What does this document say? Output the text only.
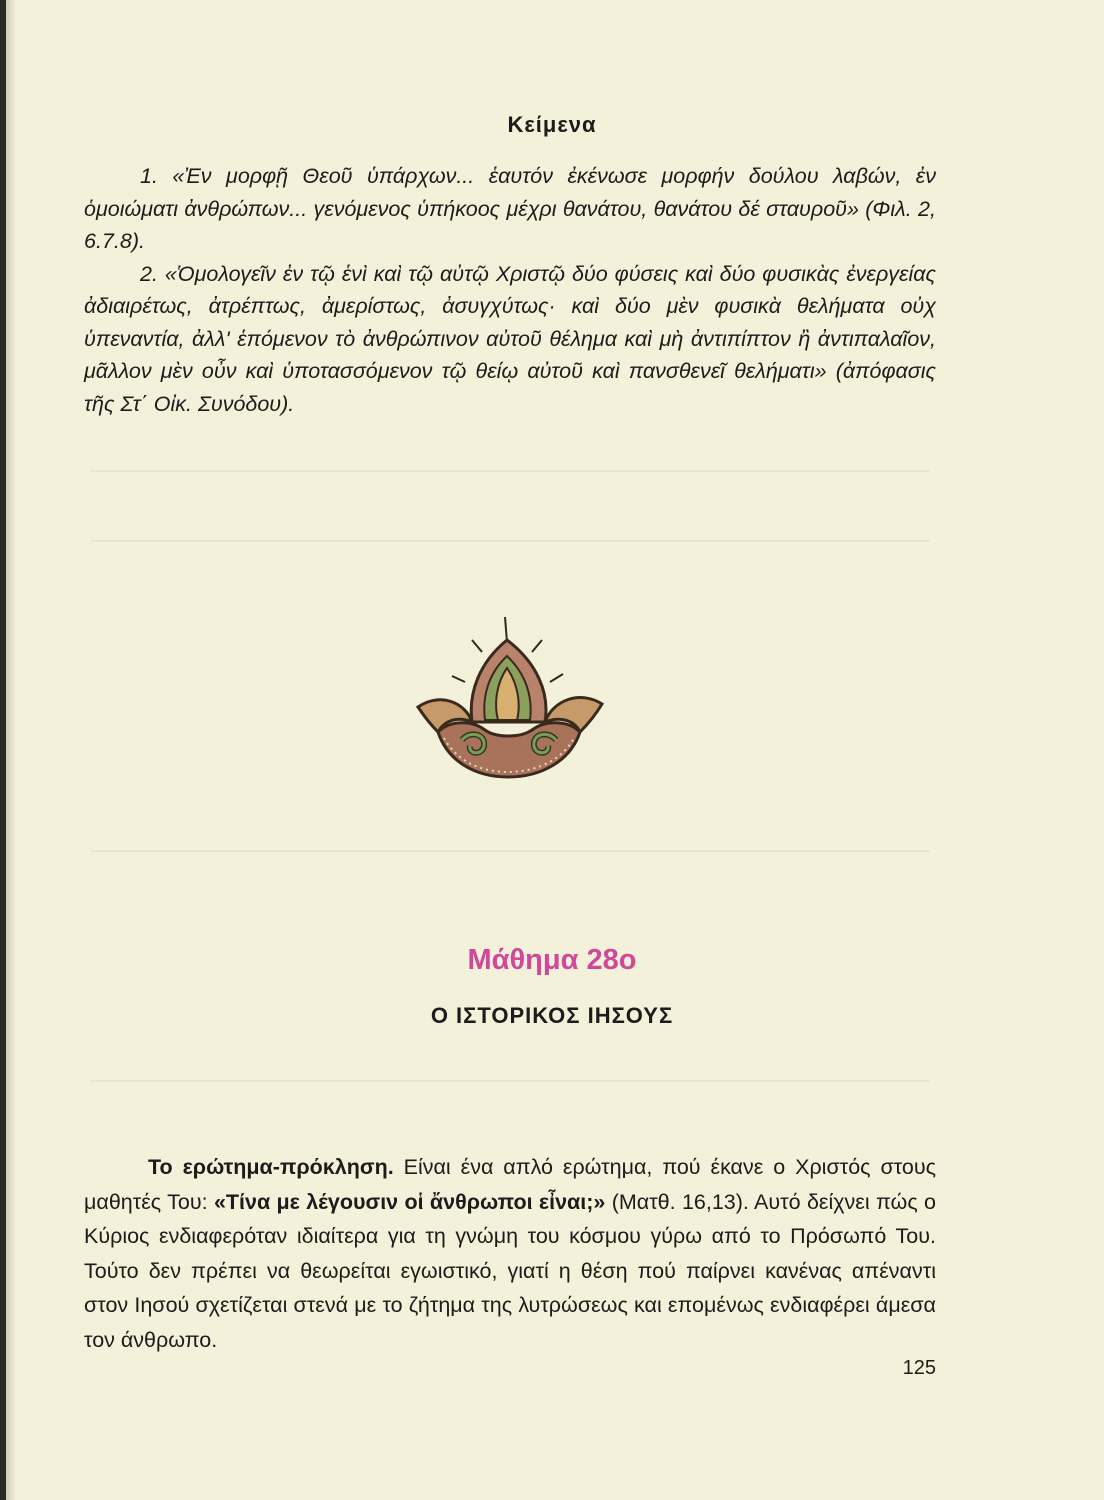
Κείμενα

1. «Ἐν μορφῇ Θεοῦ ὑπάρχων... ἑαυτόν ἐκένωσε μορφήν δούλου λαβών, ἐν ὁμοιώματι ἀνθρώπων... γενόμενος ὑπήκοος μέχρι θανάτου, θανάτου δέ σταυροῦ» (Φιλ. 2, 6.7.8).

2. «Ὁμολογεῖν ἐν τῷ ἑνὶ καὶ τῷ αὐτῷ Χριστῷ δύο φύσεις καὶ δύο φυσικὰς ἐνεργείας ἀδιαιρέτως, ἀτρέπτως, ἀμερίστως, ἀσυγχύτως· καὶ δύο μὲν φυσικὰ θελήματα οὐχ ὑπεναντία, ἀλλ' ἑπόμενον τὸ ἀνθρώπινον αὐτοῦ θέλημα καὶ μὴ ἀντιπίπτον ἢ ἀντιπαλαῖον, μᾶλλον μὲν οὖν καὶ ὑποτασσόμενον τῷ θείῳ αὐτοῦ καὶ πανσθενεῖ θελήματι» (ἀπόφασις τῆς Στ΄ Οἰκ. Συνόδου).

Μάθημα 28ο
Ο ΙΣΤΟΡΙΚΟΣ ΙΗΣΟΥΣ
Το ερώτημα-πρόκληση. Είναι ένα απλό ερώτημα, πού έκανε ο Χριστός στους μαθητές Του: «Τίνα με λέγουσιν οἱ ἄνθρωποι εἶναι;» (Ματθ. 16,13). Αυτό δείχνει πώς ο Κύριος ενδιαφερόταν ιδιαίτερα για τη γνώμη του κόσμου γύρω από το Πρόσωπό Του. Τούτο δεν πρέπει να θεωρείται εγωιστικό, γιατί η θέση πού παίρνει κανένας απέναντι στον Ιησού σχετίζεται στενά με το ζήτημα της λυτρώσεως και επομένως ενδιαφέρει άμεσα τον άνθρωπο.
125
